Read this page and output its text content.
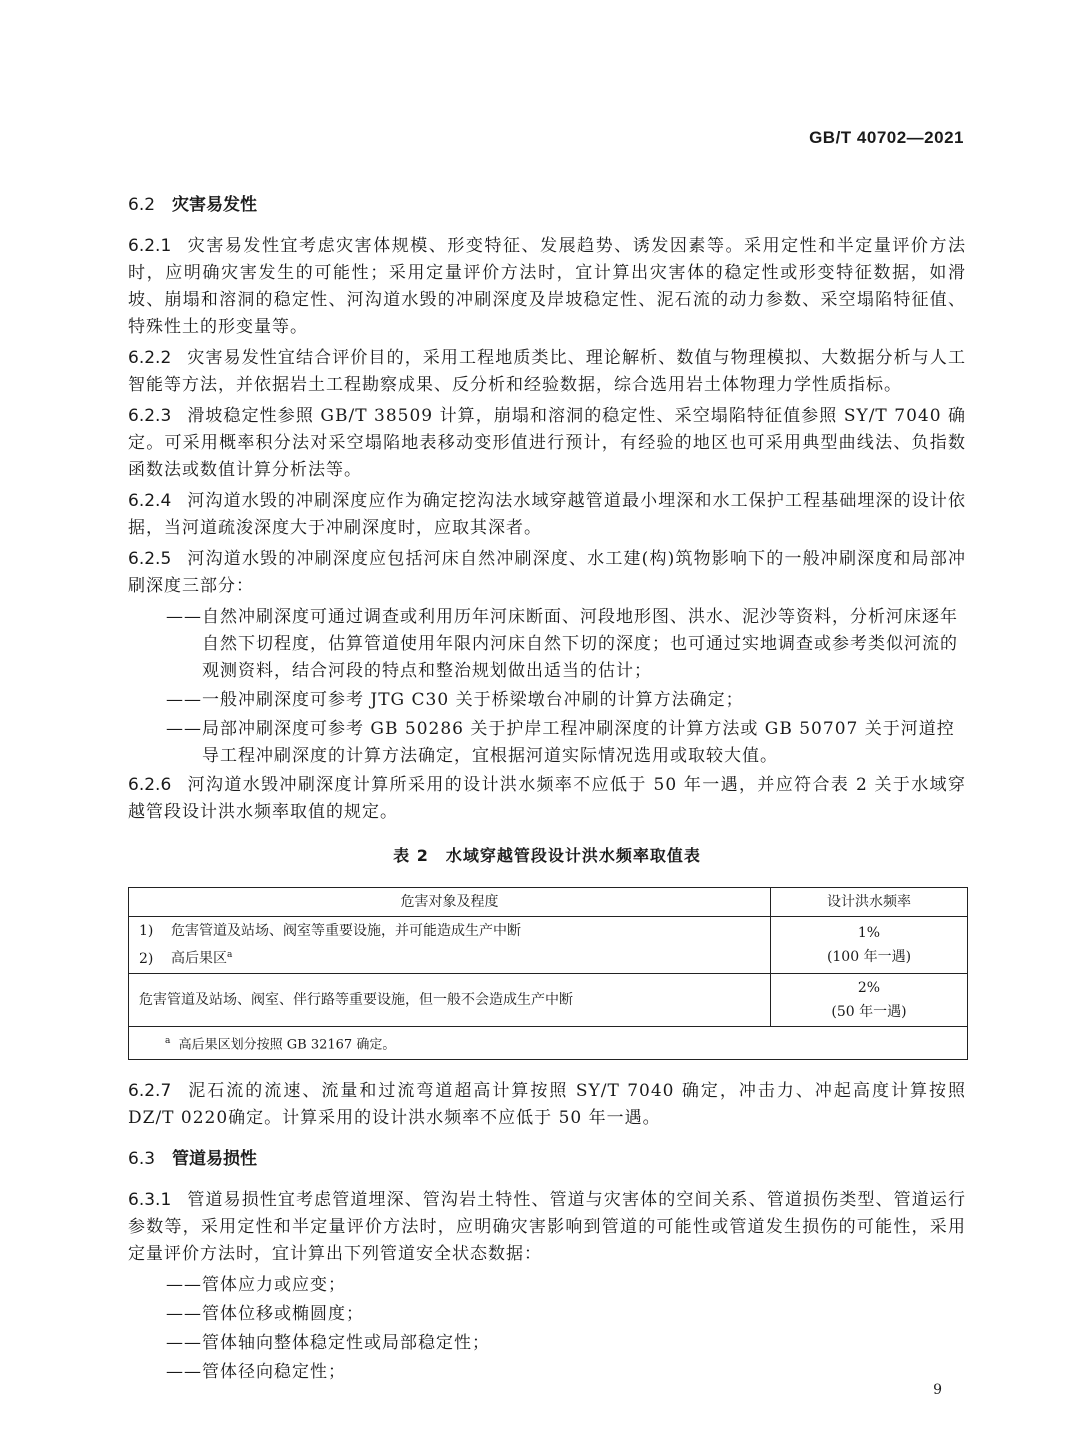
GB/T 40702—2021
6.2 灾害易发性

6.2.1 灾害易发性宜考虑灾害体规模、形变特征、发展趋势、诱发因素等。采用定性和半定量评价方法时，应明确灾害发生的可能性；采用定量评价方法时，宜计算出灾害体的稳定性或形变特征数据，如滑坡、崩塌和溶洞的稳定性、河沟道水毁的冲刷深度及岸坡稳定性、泥石流的动力参数、采空塌陷特征值、特殊性土的形变量等。

6.2.2 灾害易发性宜结合评价目的，采用工程地质类比、理论解析、数值与物理模拟、大数据分析与人工智能等方法，并依据岩土工程勘察成果、反分析和经验数据，综合选用岩土体物理力学性质指标。

6.2.3 滑坡稳定性参照 GB/T 38509 计算，崩塌和溶洞的稳定性、采空塌陷特征值参照 SY/T 7040 确定。可采用概率积分法对采空塌陷地表移动变形值进行预计，有经验的地区也可采用典型曲线法、负指数函数法或数值计算分析法等。

6.2.4 河沟道水毁的冲刷深度应作为确定挖沟法水域穿越管道最小埋深和水工保护工程基础埋深的设计依据，当河道疏浚深度大于冲刷深度时，应取其深者。

6.2.5 河沟道水毁的冲刷深度应包括河床自然冲刷深度、水工建(构)筑物影响下的一般冲刷深度和局部冲刷深度三部分：

——自然冲刷深度可通过调查或利用历年河床断面、河段地形图、洪水、泥沙等资料，分析河床逐年自然下切程度，估算管道使用年限内河床自然下切的深度；也可通过实地调查或参考类似河流的观测资料，结合河段的特点和整治规划做出适当的估计；

——一般冲刷深度可参考 JTG C30 关于桥梁墩台冲刷的计算方法确定；

——局部冲刷深度可参考 GB 50286 关于护岸工程冲刷深度的计算方法或 GB 50707 关于河道控导工程冲刷深度的计算方法确定，宜根据河道实际情况选用或取较大值。

6.2.6 河沟道水毁冲刷深度计算所采用的设计洪水频率不应低于 50 年一遇，并应符合表 2 关于水域穿越管段设计洪水频率取值的规定。

表 2　水域穿越管段设计洪水频率取值表
危害对象及程度	设计洪水频率

1) 危害管道及站场、阀室等重要设施，并可能造成生产中断
2) 高后果区$^a$	1%
(100 年一遇)

危害管道及站场、阀室、伴行路等重要设施，但一般不会造成生产中断	2%
(50 年一遇)

$^a$ 高后果区划分按照 GB 32167 确定。	

6.2.7 泥石流的流速、流量和过流弯道超高计算按照 SY/T 7040 确定，冲击力、冲起高度计算按照 DZ/T 0220确定。计算采用的设计洪水频率不应低于 50 年一遇。

6.3 管道易损性

6.3.1 管道易损性宜考虑管道埋深、管沟岩土特性、管道与灾害体的空间关系、管道损伤类型、管道运行参数等，采用定性和半定量评价方法时，应明确灾害影响到管道的可能性或管道发生损伤的可能性，采用定量评价方法时，宜计算出下列管道安全状态数据：

——管体应力或应变；

——管体位移或椭圆度；

——管体轴向整体稳定性或局部稳定性；

——管体径向稳定性；

9
